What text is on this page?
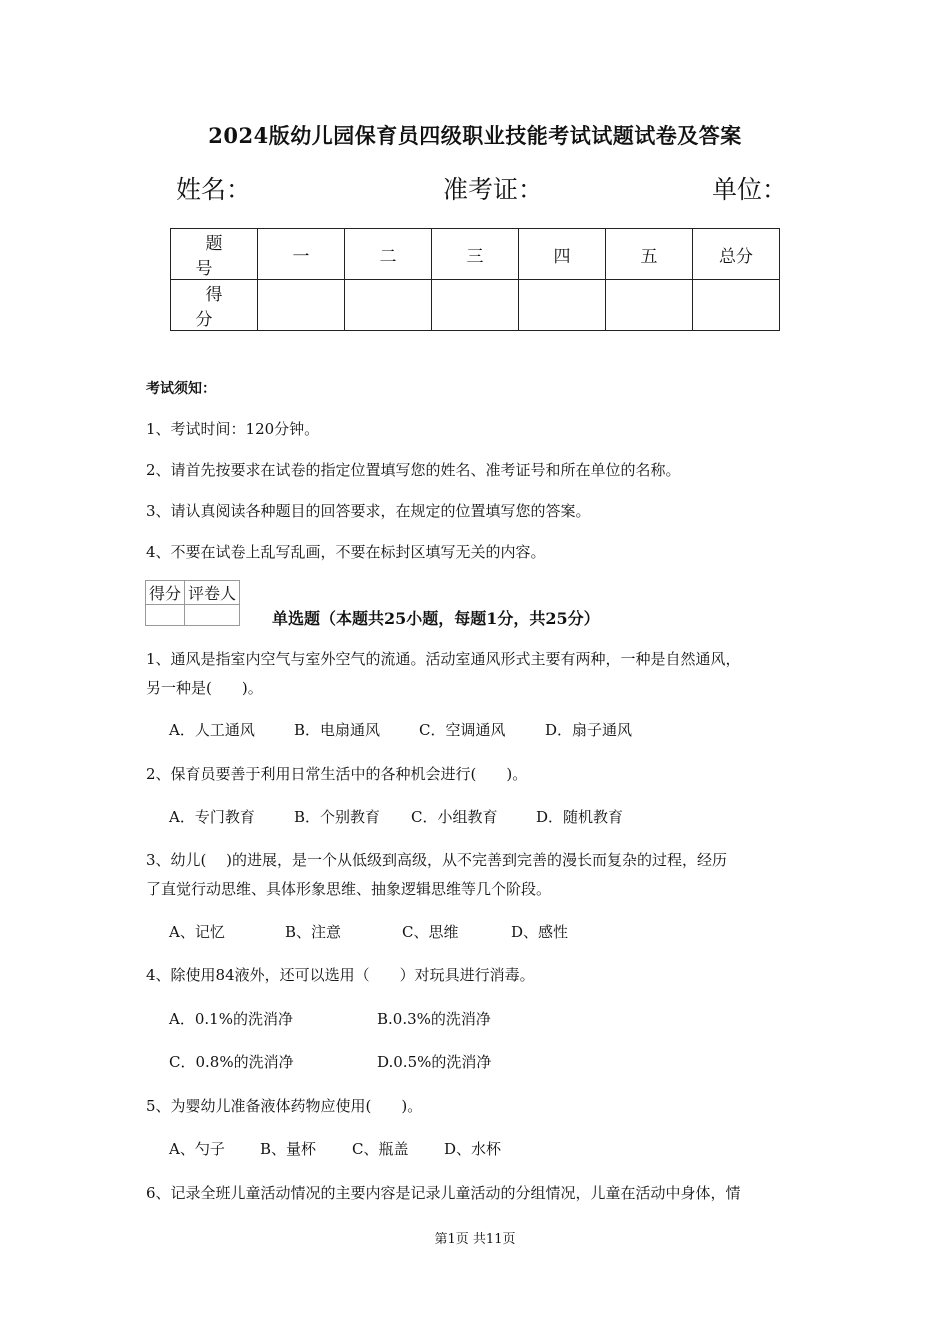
2024版幼儿园保育员四级职业技能考试试题试卷及答案
姓名：	准考证：	单位：
题号	一	二	三	四	五	总分
得分						
考试须知：
1、考试时间：120分钟。
2、请首先按要求在试卷的指定位置填写您的姓名、准考证号和所在单位的名称。
3、请认真阅读各种题目的回答要求，在规定的位置填写您的答案。
4、不要在试卷上乱写乱画，不要在标封区填写无关的内容。
得分	评卷人

单选题（本题共25小题，每题1分，共25分）
1、通风是指室内空气与室外空气的流通。活动室通风形式主要有两种，一种是自然通风，
另一种是(　　)。
A．人工通风	B．电扇通风	C．空调通风	D．扇子通风
2、保育员要善于利用日常生活中的各种机会进行(　　)。
A．专门教育	B．个别教育 C．小组教育	D．随机教育
3、幼儿(　 )的进展，是一个从低级到高级，从不完善到完善的漫长而复杂的过程，经历
了直觉行动思维、具体形象思维、抽象逻辑思维等几个阶段。
A、记忆	B、注意	C、思维	D、感性
4、除使用84液外，还可以选用（　　）对玩具进行消毒。
A．0.1%的洗消净	B.0.3%的洗消净
C．0.8%的洗消净	D.0.5%的洗消净
5、为婴幼儿准备液体药物应使用(　　)。
A、勺子 B、量杯 C、瓶盖 D、水杯
6、记录全班儿童活动情况的主要内容是记录儿童活动的分组情况，儿童在活动中身体，情
第1页 共11页
